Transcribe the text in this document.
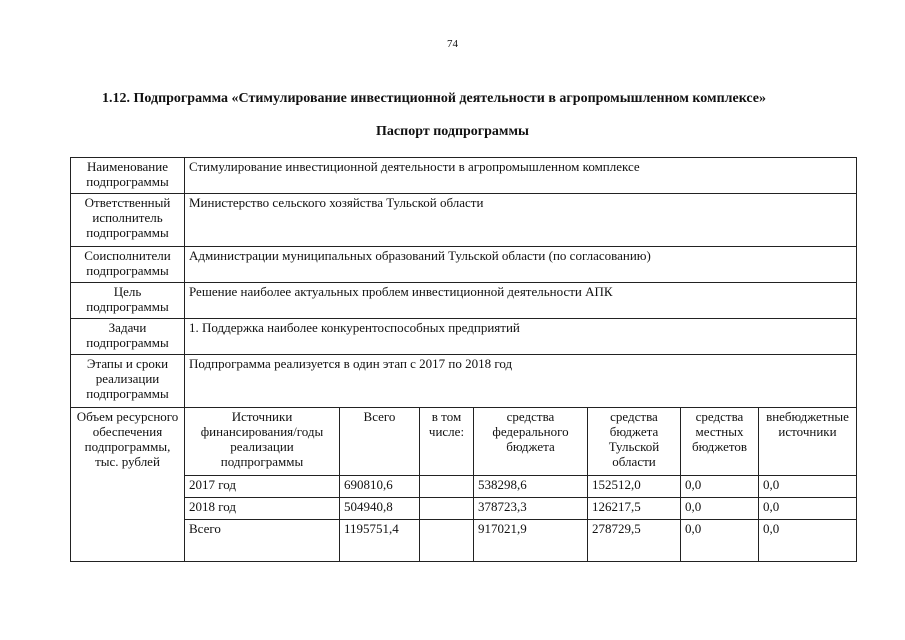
74
1.12. Подпрограмма «Стимулирование инвестиционной деятельности в агропромышленном комплексе»
Паспорт подпрограммы
Наименование подпрограммы	Стимулирование инвестиционной деятельности в агропромышленном комплексе						
Ответственный исполнитель подпрограммы	Министерство сельского хозяйства Тульской области						
Соисполнители подпрограммы	Администрации муниципальных образований Тульской области (по согласованию)						
Цель подпрограммы	Решение наиболее актуальных проблем инвестиционной деятельности АПК						
Задачи подпрограммы	1. Поддержка наиболее конкурентоспособных предприятий						
Этапы и сроки реализации подпрограммы	Подпрограмма реализуется в один этап с 2017 по 2018 год						
Объем ресурсного обеспечения подпрограммы, тыс. рублей	Источники финансирования/годы реализации подпрограммы	Всего	в том числе:	средства федерального бюджета	средства бюджета Тульской области	средства местных бюджетов	внебюджетные источники
	2017 год	690810,6		538298,6	152512,0	0,0	0,0
	2018 год	504940,8		378723,3	126217,5	0,0	0,0
	Всего	1195751,4		917021,9	278729,5	0,0	0,0
